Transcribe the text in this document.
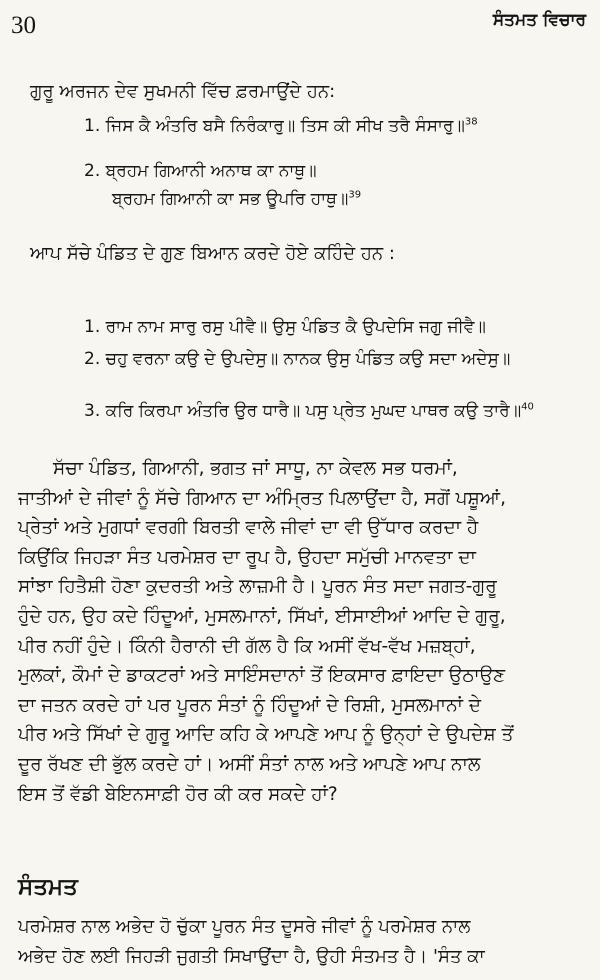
30	ਸੰਤਮਤ ਵਿਚਾਰ
ਗੁਰੂ ਅਰਜਨ ਦੇਵ ਸੁਖਮਨੀ ਵਿੱਚ ਫ਼ਰਮਾਉਂਦੇ ਹਨ:
1. ਜਿਸ ਕੈ ਅੰਤਰਿ ਬਸੈ ਨਿਰੰਕਾਰੁ॥ ਤਿਸ ਕੀ ਸੀਖ ਤਰੈ ਸੰਸਾਰੁ॥$^{38}$
2. ਬ੍ਰਹਮ ਗਿਆਨੀ ਅਨਾਥ ਕਾ ਨਾਥੁ॥
ਬ੍ਰਹਮ ਗਿਆਨੀ ਕਾ ਸਭ ਊਪਰਿ ਹਾਥੁ॥$^{39}$
ਆਪ ਸੱਚੇ ਪੰਡਿਤ ਦੇ ਗੁਣ ਬਿਆਨ ਕਰਦੇ ਹੋਏ ਕਹਿੰਦੇ ਹਨ :
1. ਰਾਮ ਨਾਮ ਸਾਰੁ ਰਸੁ ਪੀਵੈ॥ ਉਸੁ ਪੰਡਿਤ ਕੈ ਉਪਦੇਸਿ ਜਗੁ ਜੀਵੈ॥
2. ਚਹੁ ਵਰਨਾ ਕਉ ਦੇ ਉਪਦੇਸੁ॥ ਨਾਨਕ ਉਸੁ ਪੰਡਿਤ ਕਉ ਸਦਾ ਅਦੇਸੁ॥
3. ਕਰਿ ਕਿਰਪਾ ਅੰਤਰਿ ਉਰ ਧਾਰੈ॥ ਪਸੁ ਪ੍ਰੇਤ ਮੁਘਦ ਪਾਥਰ ਕਉ ਤਾਰੈ॥$^{40}$
ਸੱਚਾ ਪੰਡਿਤ, ਗਿਆਨੀ, ਭਗਤ ਜਾਂ ਸਾਧੂ, ਨਾ ਕੇਵਲ ਸਭ ਧਰਮਾਂ,
ਜਾਤੀਆਂ ਦੇ ਜੀਵਾਂ ਨੂੰ ਸੱਚੇ ਗਿਆਨ ਦਾ ਅੰਮ੍ਰਿਤ ਪਿਲਾਉਂਦਾ ਹੈ, ਸਗੋਂ ਪਸ਼ੂਆਂ,
ਪ੍ਰੇਤਾਂ ਅਤੇ ਮੁਗਧਾਂ ਵਰਗੀ ਬਿਰਤੀ ਵਾਲੇ ਜੀਵਾਂ ਦਾ ਵੀ ਉੱਧਾਰ ਕਰਦਾ ਹੈ
ਕਿਉਂਕਿ ਜਿਹੜਾ ਸੰਤ ਪਰਮੇਸ਼ਰ ਦਾ ਰੂਪ ਹੈ, ਉਹਦਾ ਸਮੁੱਚੀ ਮਾਨਵਤਾ ਦਾ
ਸਾਂਝਾ ਹਿਤੈਸ਼ੀ ਹੋਣਾ ਕੁਦਰਤੀ ਅਤੇ ਲਾਜ਼ਮੀ ਹੈ। ਪੂਰਨ ਸੰਤ ਸਦਾ ਜਗਤ-ਗੁਰੂ
ਹੁੰਦੇ ਹਨ, ਉਹ ਕਦੇ ਹਿੰਦੂਆਂ, ਮੁਸਲਮਾਨਾਂ, ਸਿੱਖਾਂ, ਈਸਾਈਆਂ ਆਦਿ ਦੇ ਗੁਰੂ,
ਪੀਰ ਨਹੀਂ ਹੁੰਦੇ। ਕਿੰਨੀ ਹੈਰਾਨੀ ਦੀ ਗੱਲ ਹੈ ਕਿ ਅਸੀਂ ਵੱਖ-ਵੱਖ ਮਜ਼ਬ੍ਹਾਂ,
ਮੁਲਕਾਂ, ਕੌਮਾਂ ਦੇ ਡਾਕਟਰਾਂ ਅਤੇ ਸਾਇੰਸਦਾਨਾਂ ਤੋਂ ਇਕਸਾਰ ਫ਼ਾਇਦਾ ਉਠਾਉਣ
ਦਾ ਜਤਨ ਕਰਦੇ ਹਾਂ ਪਰ ਪੂਰਨ ਸੰਤਾਂ ਨੂੰ ਹਿੰਦੂਆਂ ਦੇ ਰਿਸ਼ੀ, ਮੁਸਲਮਾਨਾਂ ਦੇ
ਪੀਰ ਅਤੇ ਸਿੱਖਾਂ ਦੇ ਗੁਰੂ ਆਦਿ ਕਹਿ ਕੇ ਆਪਣੇ ਆਪ ਨੂੰ ਉਨ੍ਹਾਂ ਦੇ ਉਪਦੇਸ਼ ਤੋਂ
ਦੂਰ ਰੱਖਣ ਦੀ ਭੁੱਲ ਕਰਦੇ ਹਾਂ। ਅਸੀਂ ਸੰਤਾਂ ਨਾਲ ਅਤੇ ਆਪਣੇ ਆਪ ਨਾਲ
ਇਸ ਤੋਂ ਵੱਡੀ ਬੇਇਨਸਾਫ਼ੀ ਹੋਰ ਕੀ ਕਰ ਸਕਦੇ ਹਾਂ?
ਸੰਤਮਤ
ਪਰਮੇਸ਼ਰ ਨਾਲ ਅਭੇਦ ਹੋ ਚੁੱਕਾ ਪੂਰਨ ਸੰਤ ਦੂਸਰੇ ਜੀਵਾਂ ਨੂੰ ਪਰਮੇਸ਼ਰ ਨਾਲ
ਅਭੇਦ ਹੋਣ ਲਈ ਜਿਹੜੀ ਜੁਗਤੀ ਸਿਖਾਉਂਦਾ ਹੈ, ਉਹੀ ਸੰਤਮਤ ਹੈ। 'ਸੰਤ ਕਾ
